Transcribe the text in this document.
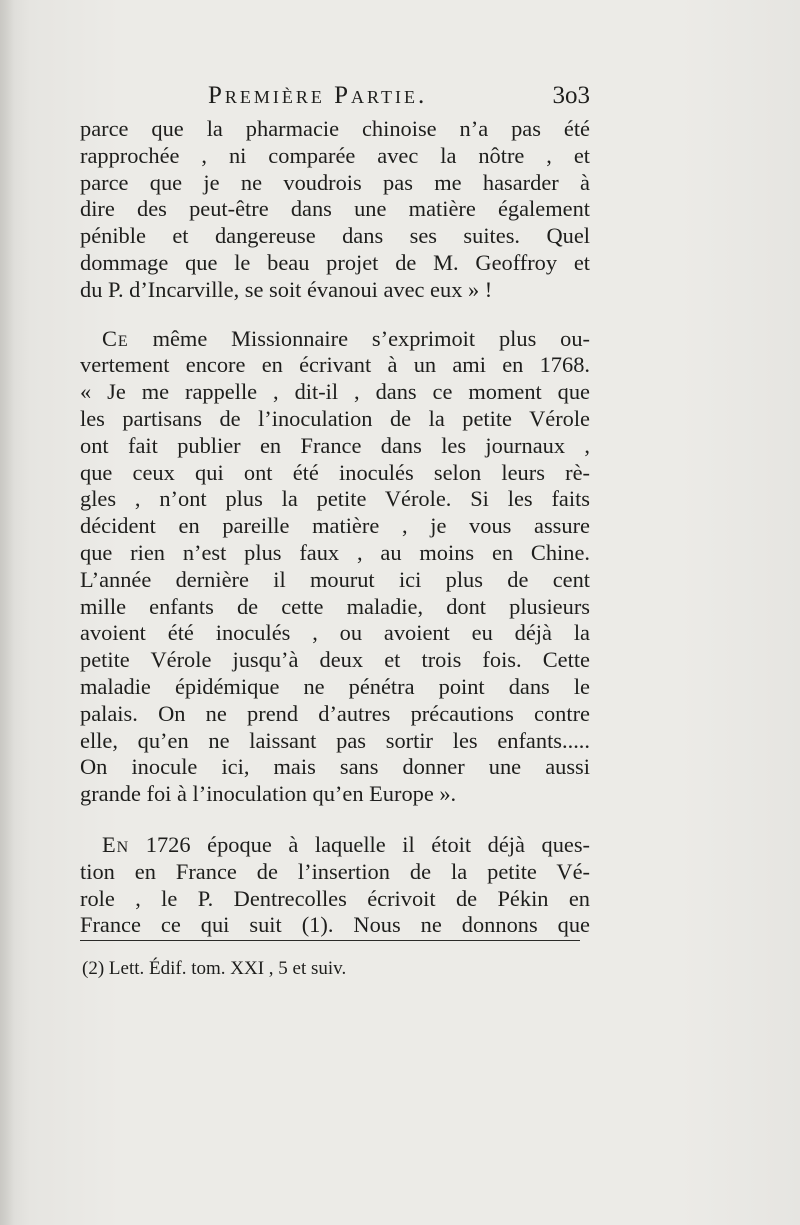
Première Partie.	3o3
parce que la pharmacie chinoise n’a pas été
rapprochée , ni comparée avec la nôtre , et
parce que je ne voudrois pas me hasarder à
dire des peut-être dans une matière également
pénible et dangereuse dans ses suites. Quel
dommage que le beau projet de M. Geoffroy et
du P. d’Incarville, se soit évanoui avec eux » !
Ce même Missionnaire s’exprimoit plus ou-
vertement encore en écrivant à un ami en 1768.
« Je me rappelle , dit-il , dans ce moment que
les partisans de l’inoculation de la petite Vérole
ont fait publier en France dans les journaux ,
que ceux qui ont été inoculés selon leurs rè-
gles , n’ont plus la petite Vérole. Si les faits
décident en pareille matière , je vous assure
que rien n’est plus faux , au moins en Chine.
L’année dernière il mourut ici plus de cent
mille enfants de cette maladie, dont plusieurs
avoient été inoculés , ou avoient eu déjà la
petite Vérole jusqu’à deux et trois fois. Cette
maladie épidémique ne pénétra point dans le
palais. On ne prend d’autres précautions contre
elle, qu’en ne laissant pas sortir les enfants.....
On inocule ici, mais sans donner une aussi
grande foi à l’inoculation qu’en Europe ».
En 1726 époque à laquelle il étoit déjà ques-
tion en France de l’insertion de la petite Vé-
role , le P. Dentrecolles écrivoit de Pékin en
France ce qui suit (1). Nous ne donnons que
(2) Lett. Édif. tom. XXI , 5 et suiv.
